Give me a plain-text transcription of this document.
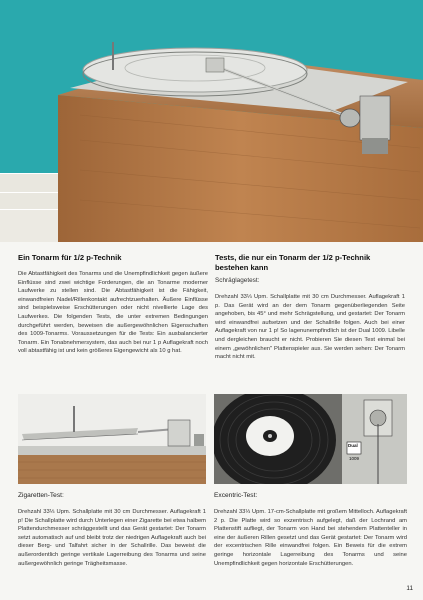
Ein Tonarm für 1/2 p-Technik

Die Abtastfähigkeit des Tonarms und die Unempfindlichkeit gegen äußere Einflüsse sind zwei wichtige Forderungen, die an Tonarme moderner Laufwerke zu stellen sind. Die Abtastfähigkeit ist die Fähigkeit, einwandfreien Nadel/Rillenkontakt aufrechtzuerhalten. Äußere Einflüsse sind beispielsweise Erschütterungen oder nicht nivellierte Lage des Laufwerkes. Die folgenden Tests, die unter extremen Bedingungen durchgeführt werden, beweisen die außergewöhnlichen Eigenschaften des 1009-Tonarms. Voraussetzungen für die Tests: Ein ausbalancierter Tonarm. Ein Tonabnehmersystem, das auch bei nur 1 p Auflagekraft noch voll abtastfähig ist und kein größeres Eigengewicht als 10 g hat.

Tests, die nur ein Tonarm der 1/2 p-Technik bestehen kann

Schräglagetest:

Drehzahl 33⅓ Upm. Schallplatte mit 30 cm Durchmesser. Auflagekraft 1 p. Das Gerät wird an der dem Tonarm gegenüberliegenden Seite angehoben, bis 45° und mehr Schrägstellung, und gestartet: Der Tonarm wird einwandfrei aufsetzen und der Schallrille folgen. Auch bei einer Auflagekraft von nur 1 p! So lagenunempfindlich ist der Dual 1009. Libelle und dergleichen braucht er nicht. Probieren Sie diesen Test einmal bei einem „gewöhnlichen" Plattenspieler aus. Sie werden sehen: Der Tonarm macht nicht mit.

Zigaretten-Test:

Drehzahl 33⅓ Upm. Schallplatte mit 30 cm Durchmesser. Auflagekraft 1 p! Die Schallplatte wird durch Unterlegen einer Zigarette bei etwa halbem Plattendurchmesser schräggestellt und das Gerät gestartet: Der Tonarm setzt automatisch auf und bleibt trotz der niedrigen Auflagekraft auch bei dieser Berg- und Talfahrt sicher in der Schallrille. Das beweist die außerordentlich geringe vertikale Lagerreibung des Tonarms und seine außergewöhnlich geringe Trägheitsmasse.

Dual
1009
Excentric-Test:

Drehzahl 33⅓ Upm. 17-cm-Schallplatte mit großem Mittelloch. Auflagekraft 2 p. Die Platte wird so exzentrisch aufgelegt, daß der Lochrand am Plattenstift aufliegt, der Tonarm von Hand bei stehendem Plattenteller in eine der äußeren Rillen gesetzt und das Gerät gestartet: Der Tonarm wird der excentrischen Rille einwandfrei folgen. Ein Beweis für die extrem geringe horizontale Lagerreibung des Tonarms und seine Unempfindlichkeit gegen horizontale Erschütterungen.

11
